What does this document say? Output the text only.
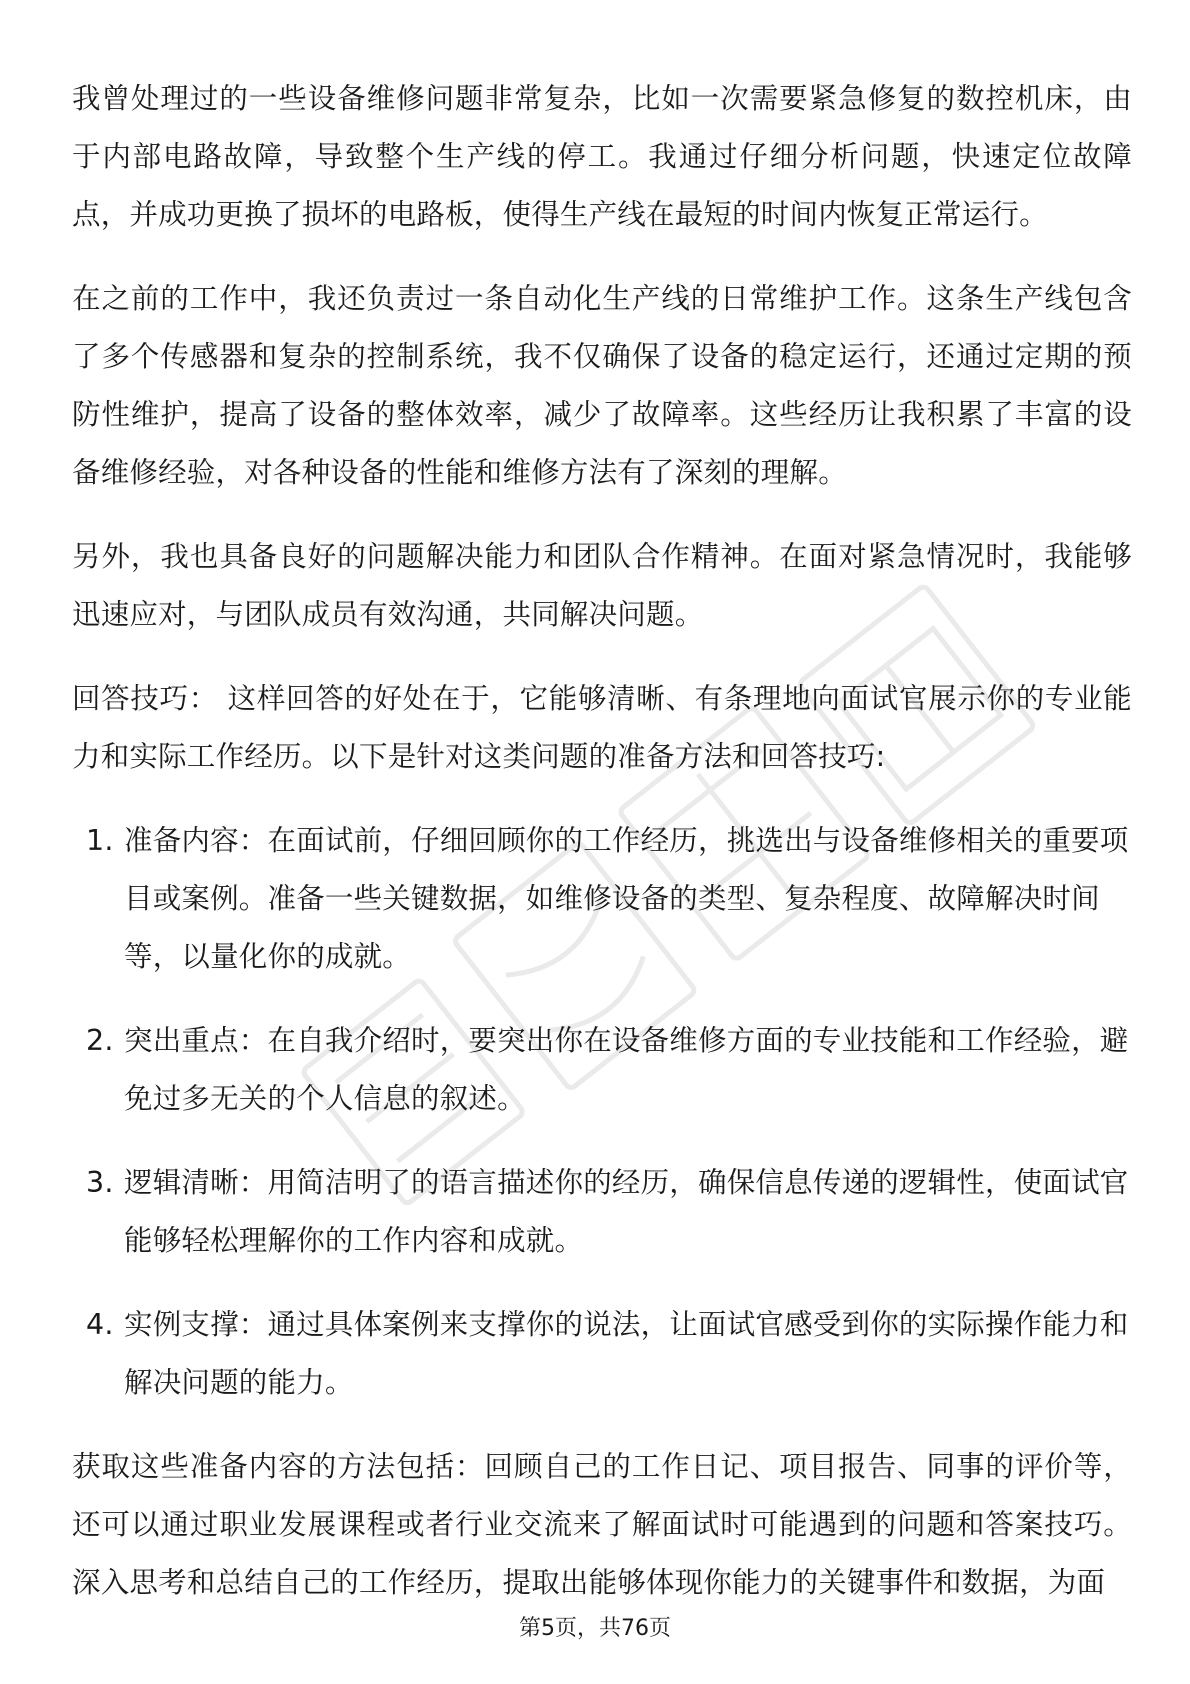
我曾处理过的一些设备维修问题非常复杂，比如一次需要紧急修复的数控机床，由于内部电路故障，导致整个生产线的停工。我通过仔细分析问题，快速定位故障点，并成功更换了损坏的电路板，使得生产线在最短的时间内恢复正常运行。

在之前的工作中，我还负责过一条自动化生产线的日常维护工作。这条生产线包含了多个传感器和复杂的控制系统，我不仅确保了设备的稳定运行，还通过定期的预防性维护，提高了设备的整体效率，减少了故障率。这些经历让我积累了丰富的设备维修经验，对各种设备的性能和维修方法有了深刻的理解。

另外，我也具备良好的问题解决能力和团队合作精神。在面对紧急情况时，我能够迅速应对，与团队成员有效沟通，共同解决问题。

回答技巧： 这样回答的好处在于，它能够清晰、有条理地向面试官展示你的专业能力和实际工作经历。以下是针对这类问题的准备方法和回答技巧:

1. 准备内容：在面试前，仔细回顾你的工作经历，挑选出与设备维修相关的重要项目或案例。准备一些关键数据，如维修设备的类型、复杂程度、故障解决时间等，以量化你的成就。
2. 突出重点：在自我介绍时，要突出你在设备维修方面的专业技能和工作经验，避免过多无关的个人信息的叙述。
3. 逻辑清晰：用简洁明了的语言描述你的经历，确保信息传递的逻辑性，使面试官能够轻松理解你的工作内容和成就。
4. 实例支撑：通过具体案例来支撑你的说法，让面试官感受到你的实际操作能力和解决问题的能力。

获取这些准备内容的方法包括：回顾自己的工作日记、项目报告、同事的评价等，还可以通过职业发展课程或者行业交流来了解面试时可能遇到的问题和答案技巧。深入思考和总结自己的工作经历，提取出能够体现你能力的关键事件和数据，为面

第5页，共76页
